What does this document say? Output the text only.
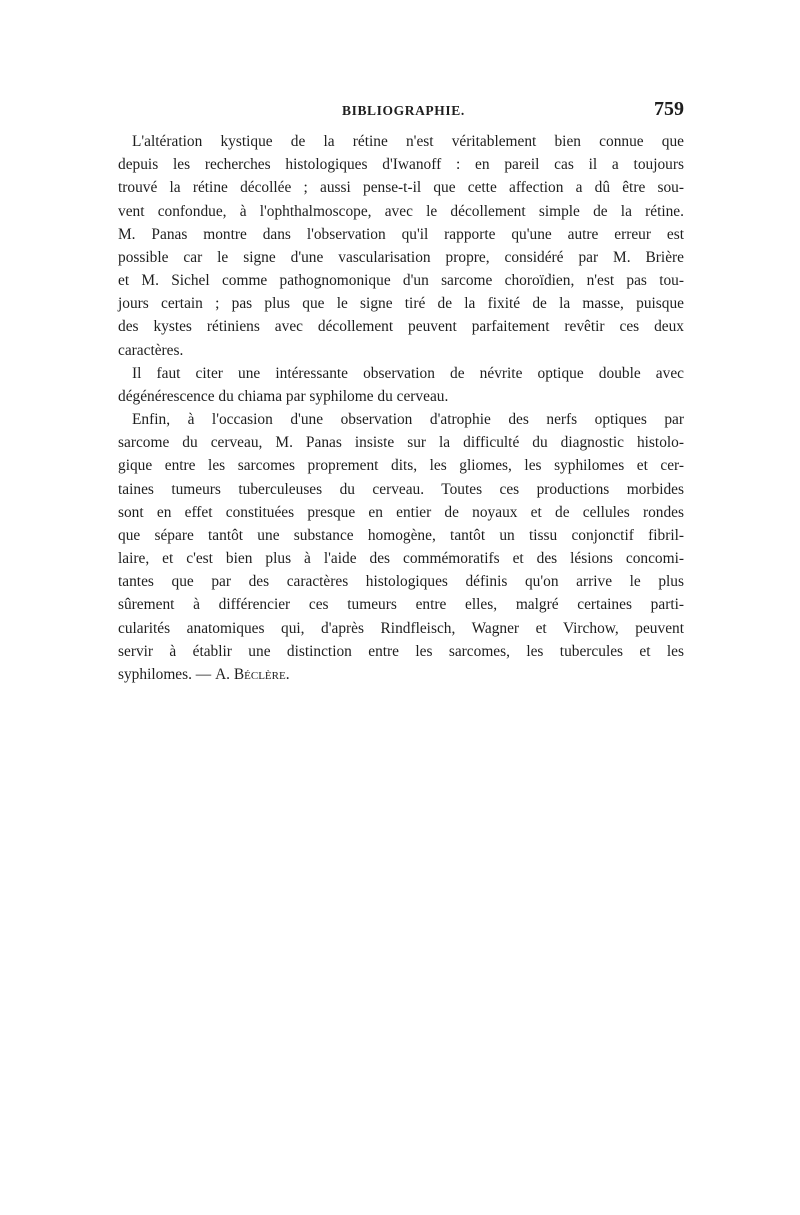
BIBLIOGRAPHIE.	759
L'altération kystique de la rétine n'est véritablement bien connue que
depuis les recherches histologiques d'Iwanoff : en pareil cas il a toujours
trouvé la rétine décollée ; aussi pense-t-il que cette affection a dû être sou-
vent confondue, à l'ophthalmoscope, avec le décollement simple de la rétine.
M. Panas montre dans l'observation qu'il rapporte qu'une autre erreur est
possible car le signe d'une vascularisation propre, considéré par M. Brière
et M. Sichel comme pathognomonique d'un sarcome choroïdien, n'est pas tou-
jours certain ; pas plus que le signe tiré de la fixité de la masse, puisque
des kystes rétiniens avec décollement peuvent parfaitement revêtir ces deux
caractères.
Il faut citer une intéressante observation de névrite optique double avec
dégénérescence du chiama par syphilome du cerveau.
Enfin, à l'occasion d'une observation d'atrophie des nerfs optiques par
sarcome du cerveau, M. Panas insiste sur la difficulté du diagnostic histolo-
gique entre les sarcomes proprement dits, les gliomes, les syphilomes et cer-
taines tumeurs tuberculeuses du cerveau. Toutes ces productions morbides
sont en effet constituées presque en entier de noyaux et de cellules rondes
que sépare tantôt une substance homogène, tantôt un tissu conjonctif fibril-
laire, et c'est bien plus à l'aide des commémoratifs et des lésions concomi-
tantes que par des caractères histologiques définis qu'on arrive le plus
sûrement à différencier ces tumeurs entre elles, malgré certaines parti-
cularités anatomiques qui, d'après Rindfleisch, Wagner et Virchow, peuvent
servir à établir une distinction entre les sarcomes, les tubercules et les
syphilomes. — A. Béclère.
